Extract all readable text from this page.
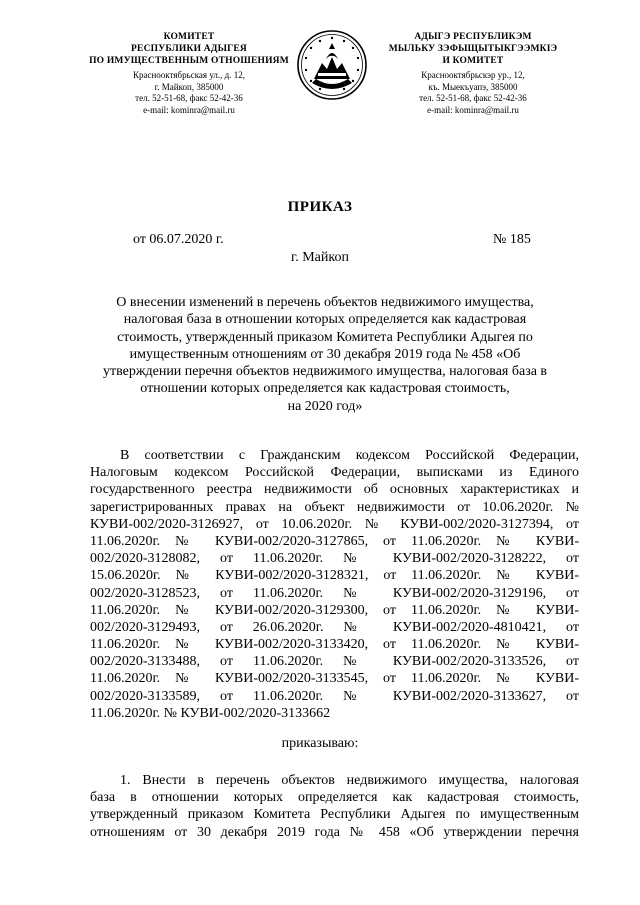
КОМИТЕТ
РЕСПУБЛИКИ АДЫГЕЯ
ПО ИМУЩЕСТВЕННЫМ ОТНОШЕНИЯМ
Краснооктябрьская ул., д. 12,
г. Майкоп, 385000
тел. 52-51-68, факс 52-42-36
e-mail: kominra@mail.ru
АДЫГЭ РЕСПУБЛИКЭМ
МЫЛЬКУ ЗЭФЫЩЫТЫКГЭЭМКIЭ
И КОМИТЕТ
Краснооктябрьскэр ур., 12,
къ. Мыекъуапэ, 385000
тел. 52-51-68, факс 52-42-36
e-mail: kominra@mail.ru
ПРИКАЗ
от 06.07.2020 г.	№ 185
г. Майкоп
О внесении изменений в перечень объектов недвижимого имущества,
налоговая база в отношении которых определяется как кадастровая
стоимость, утвержденный приказом Комитета Республики Адыгея по
имущественным отношениям от 30 декабря 2019 года № 458 «Об
утверждении перечня объектов недвижимого имущества, налоговая база в
отношении которых определяется как кадастровая стоимость,
на 2020 год»
В соответствии с Гражданским кодексом Российской Федерации,
Налоговым кодексом Российской Федерации, выписками из Единого
государственного реестра недвижимости об основных характеристиках и
зарегистрированных правах на объект недвижимости от 10.06.2020г. №
КУВИ-002/2020-3126927, от 10.06.2020г. № КУВИ-002/2020-3127394, от
11.06.2020г. № КУВИ-002/2020-3127865, от 11.06.2020г. № КУВИ-
002/2020-3128082, от 11.06.2020г. № КУВИ-002/2020-3128222, от
15.06.2020г. № КУВИ-002/2020-3128321, от 11.06.2020г. № КУВИ-
002/2020-3128523, от 11.06.2020г. № КУВИ-002/2020-3129196, от
11.06.2020г. № КУВИ-002/2020-3129300, от 11.06.2020г. № КУВИ-
002/2020-3129493, от 26.06.2020г. № КУВИ-002/2020-4810421, от
11.06.2020г. № КУВИ-002/2020-3133420, от 11.06.2020г. № КУВИ-
002/2020-3133488, от 11.06.2020г. № КУВИ-002/2020-3133526, от
11.06.2020г. № КУВИ-002/2020-3133545, от 11.06.2020г. № КУВИ-
002/2020-3133589, от 11.06.2020г. № КУВИ-002/2020-3133627, от
11.06.2020г. № КУВИ-002/2020-3133662
приказываю:
1. Внести в перечень объектов недвижимого имущества, налоговая
база в отношении которых определяется как кадастровая стоимость,
утвержденный приказом Комитета Республики Адыгея по имущественным
отношениям от 30 декабря 2019 года № 458 «Об утверждении перечня
